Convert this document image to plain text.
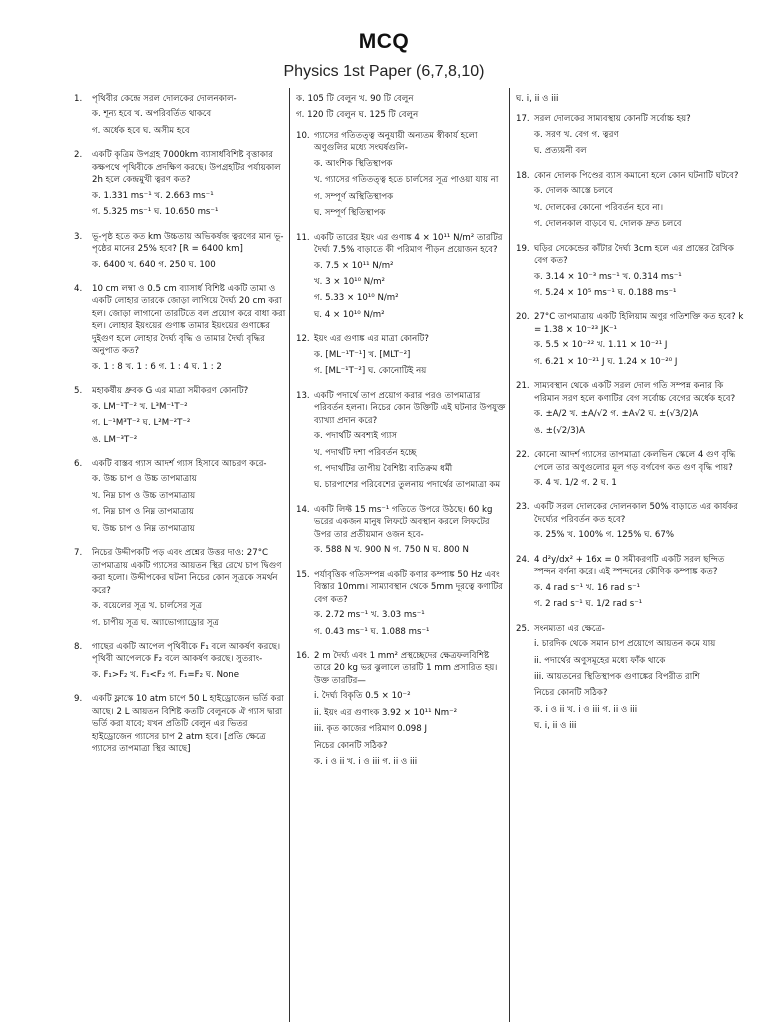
MCQ
Physics 1st Paper (6,7,8,10)
1.	পৃথিবীর কেন্দ্রে সরল দোলকের দোলনকাল-
ক. শূন্য হবে খ. অপরিবর্তিত থাকবে
গ. অর্ধেক হবে ঘ. অসীম হবে
2.	একটি কৃত্রিম উপগ্রহ 7000km ব্যাসার্ধবিশিষ্ট বৃত্তাকার কক্ষপথে পৃথিবীকে প্রদক্ষিণ করছে। উপগ্রহটির পর্যায়কাল 2h হলে কেন্দ্রমুখী ত্বরণ কত?
ক. 1.331 ms⁻¹ খ. 2.663 ms⁻¹
গ. 5.325 ms⁻¹ ঘ. 10.650 ms⁻¹
3.	ভূ-পৃষ্ঠ হতে কত km উচ্চতায় অভিকর্ষজ ত্বরণের মান ভূ-পৃষ্ঠের মানের 25% হবে? [R = 6400 km]
ক. 6400 খ. 640 গ. 250 ঘ. 100
4.	10 cm লম্বা ও 0.5 cm ব্যাসার্ধ বিশিষ্ট একটি তামা ও একটি লোহার তারকে জোড়া লাগিয়ে দৈর্ঘ্য 20 cm করা হল। জোড়া লাগানো তারটিতে বল প্রয়োগ করে বাধা করা হল। লোহার ইয়ংয়ের গুণাঙ্ক তামার ইয়ংয়ের গুণাঙ্কের দুইগুণ হলে লোহার দৈর্ঘ্য বৃদ্ধি ও তামার দৈর্ঘ্য বৃদ্ধির অনুপাত কত?
ক. 1 : 8 খ. 1 : 6 গ. 1 : 4 ঘ. 1 : 2
5.	মহাকর্ষীয় ধ্রুবক G এর মাত্রা সমীকরণ কোনটি?
ক. LM⁻¹T⁻² খ. L³M⁻¹T⁻²
গ. L⁻¹M³T⁻² ঘ. L²M⁻²T⁻²
ঙ. LM⁻³T⁻²
6.	একটি বাস্তব গ্যাস আদর্শ গ্যাস হিসাবে আচরণ করে-
ক. উচ্চ চাপ ও উচ্চ তাপমাত্রায়
খ. নিম্ন চাপ ও উচ্চ তাপমাত্রায়
গ. নিম্ন চাপ ও নিম্ন তাপমাত্রায়
ঘ. উচ্চ চাপ ও নিম্ন তাপমাত্রায়
7.	নিচের উদ্দীপকটি পড় এবং প্রশ্নের উত্তর দাও: 27°C তাপমাত্রায় একটি গ্যাসের আয়তন স্থির রেখে চাপ দ্বিগুণ করা হলো। উদ্দীপকের ঘটনা নিচের কোন সূত্রকে সমর্থন করে?
ক. বয়েলের সূত্র খ. চার্লসের সূত্র
গ. চাপীয় সূত্র ঘ. অ্যাভোগ্যাড্রোর সূত্র
8.	গাছের একটি আপেল পৃথিবীকে F₁ বলে আকর্ষণ করছে। পৃথিবী আপেলকে F₂ বলে আকর্ষণ করছে। সুতরাং-
ক. F₁>F₂ খ. F₁<F₂ গ. F₁=F₂ ঘ. None
9.	একটি ফ্লাস্কে 10 atm চাপে 50 L হাইড্রোজেন ভর্তি করা আছে। 2 L আয়তন বিশিষ্ট কতটি বেলুনকে ঐ গ্যাস দ্বারা ভর্তি করা যাবে; যখন প্রতিটি বেলুন এর ভিতর হাইড্রোজেন গ্যাসের চাপ 2 atm হবে। [প্রতি ক্ষেত্রে গ্যাসের তাপমাত্রা স্থির আছে]
ক. 105 টি বেলুন খ. 90 টি বেলুন
গ. 120 টি বেলুন ঘ. 125 টি বেলুন
10. গ্যাসের গতিতত্ত্ব অনুযায়ী অন্যতম স্বীকার্য হলো অণুগুলির মধ্যে সংঘর্ষগুলি-
ক. আংশিক স্থিতিস্থাপক
খ. গ্যাসের গতিতত্ত্ব হতে চার্লসের সূত্র পাওয়া যায় না
গ. সম্পূর্ণ অস্থিতিস্থাপক
ঘ. সম্পূর্ণ স্থিতিস্থাপক
11. একটি তারের ইয়ং এর গুণাঙ্ক 4 × 10¹¹ N/m² তারটির দৈর্ঘ্য 7.5% বাড়াতে কী পরিমাণ পীড়ন প্রয়োজন হবে?
ক. 7.5 × 10¹¹ N/m²
খ. 3 × 10¹⁰ N/m²
গ. 5.33 × 10¹⁰ N/m²
ঘ. 4 × 10¹⁰ N/m²
12. ইয়ং এর গুণাঙ্ক এর মাত্রা কোনটি?
ক. [ML⁻¹T⁻¹] খ. [MLT⁻²]
গ. [ML⁻¹T⁻²] ঘ. কোনোটিই নয়
13. একটি পদার্থে তাপ প্রয়োগ করার পরও তাপমাত্রার পরিবর্তন হলনা। নিচের কোন উক্তিটি এই ঘটনার উপযুক্ত ব্যাখ্যা প্রদান করে?
ক. পদার্থটি অবশ্যই গ্যাস
খ. পদার্থটি দশা পরিবর্তন হচ্ছে
গ. পদার্থটির তাপীয় বৈশিষ্ট্য ব্যতিক্রম ধর্মী
ঘ. চারপাশের পরিবেশের তুলনায় পদার্থের তাপমাত্রা কম
14. একটি লিফ্ট 15 ms⁻¹ গতিতে উপরে উঠছে। 60 kg ভরের একজন মানুষ লিফটে অবস্থান করলে লিফটের উপর তার প্রতীয়মান ওজন হবে-
ক. 588 N খ. 900 N গ. 750 N ঘ. 800 N
15. পর্যাবৃত্তিক গতিসম্পন্ন একটি কণার কম্পাঙ্ক 50 Hz এবং বিস্তার 10mm। সাম্যাবস্থান থেকে 5mm দূরত্বে কণাটির বেগ কত?
ক. 2.72 ms⁻¹ খ. 3.03 ms⁻¹
গ. 0.43 ms⁻¹ ঘ. 1.088 ms⁻¹
16. 2 m দৈর্ঘ্য এবং 1 mm² প্রস্থচ্ছেদের ক্ষেত্রফলবিশিষ্ট তারে 20 kg ভর ঝুলালে তারটি 1 mm প্রসারিত হয়। উক্ত তারটির—
i. দৈর্ঘ্য বিকৃতি 0.5 × 10⁻²
ii. ইয়ং এর গুণাংক 3.92 × 10¹¹ Nm⁻²
iii. কৃত কাজের পরিমাণ 0.098 J
নিচের কোনটি সঠিক?
ক. i ও ii খ. i ও iii গ. ii ও iii
ঘ. i, ii ও iii
17. সরল দোলকের সাম্যবস্থায় কোনটি সর্বোচ্চ হয়?
ক. সরণ খ. বেগ গ. ত্বরণ
ঘ. প্রত্যয়নী বল
18. কোন দোলক পিণ্ডের ব্যাস কমানো হলে কোন ঘটনাটি ঘটবে?
ক. দোলক আস্তে চলবে
খ. দোলকের কোনো পরিবর্তন হবে না।
গ. দোলনকাল বাড়বে ঘ. দোলক দ্রুত চলবে
19. ঘড়ির সেকেন্ডের কাঁটার দৈর্ঘ্য 3cm হলে এর প্রান্তের রৈখিক বেগ কত?
ক. 3.14 × 10⁻³ ms⁻¹ খ. 0.314 ms⁻¹
গ. 5.24 × 10⁵ ms⁻¹ ঘ. 0.188 ms⁻¹
20. 27°C তাপমাত্রায় একটি হিলিয়াম অণুর গতিশক্তি কত হবে? k = 1.38 × 10⁻²³ JK⁻¹
ক. 5.5 × 10⁻²² খ. 1.11 × 10⁻²¹ J
গ. 6.21 × 10⁻²¹ J ঘ. 1.24 × 10⁻²⁰ J
21. সাম্যবস্থান থেকে একটি সরল দোল গতি সম্পন্ন কনার কি পরিমান সরণ হলে কণাটির বেগ সর্বোচ্চ বেগের অর্ধেক হবে?
ক. ±A/2 খ. ±A/√2 গ. ±A√2 ঘ. ±(√3/2)A
ঙ. ±(√2/3)A
22. কোনো আদর্শ গ্যাসের তাপমাত্রা কেলভিন স্কেলে 4 গুণ বৃদ্ধি পেলে তার অণুগুলোর মূল গড় বর্গবেগ কত গুণ বৃদ্ধি পায়?
ক. 4 খ. 1/2 গ. 2 ঘ. 1
23. একটি সরল দোলকের দোলনকাল 50% বাড়াতে এর কার্যকর দৈর্ঘ্যের পরিবর্তন কত হবে?
ক. 25% খ. 100% গ. 125% ঘ. 67%
24. 4 d²y/dx² + 16x = 0 সমীকরণটি একটি সরল ছন্দিত স্পন্দন বর্ণনা করে। এই স্পন্দনের কৌণিক কম্পাঙ্ক কত?
ক. 4 rad s⁻¹ খ. 16 rad s⁻¹
গ. 2 rad s⁻¹ ঘ. 1/2 rad s⁻¹
25. সংনম্যতা এর ক্ষেত্রে-
i. চারদিক থেকে সমান চাপ প্রয়োগে আয়তন কমে যায়
ii. পদার্থের অণুসমূহের মধ্যে ফাঁক থাকে
iii. আয়তনের স্থিতিস্থাপক গুণাঙ্কের বিপরীত রাশি
নিচের কোনটি সঠিক?
ক. i ও ii খ. i ও iii গ. ii ও iii
ঘ. i, ii ও iii
